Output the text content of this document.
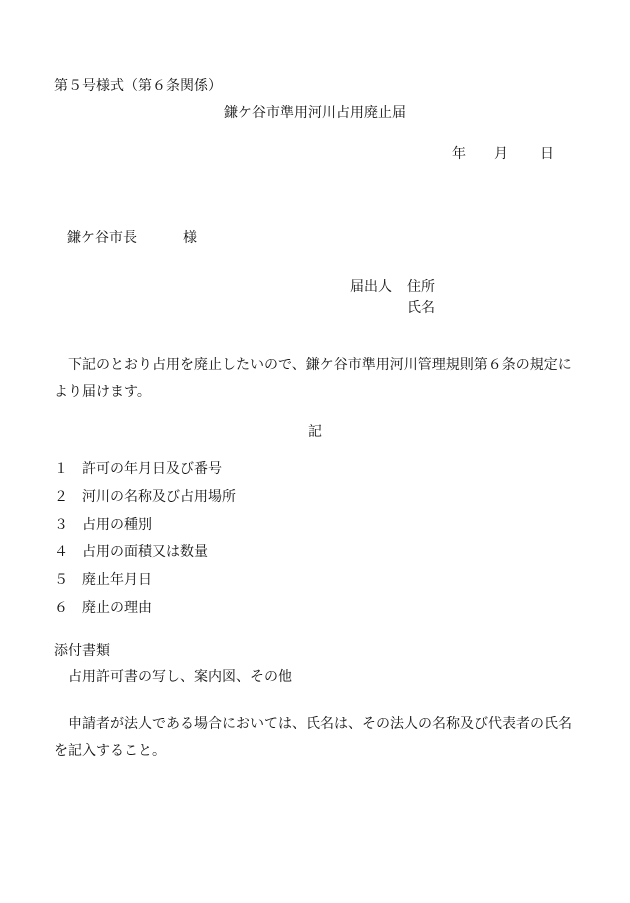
第５号様式（第６条関係）
鎌ケ谷市準用河川占用廃止届
年 月 日
鎌ケ谷市長	様
届出人 住所
氏名
下記のとおり占用を廃止したいので、鎌ケ谷市準用河川管理規則第６条の規定に
より届けます。
記
１ 許可の年月日及び番号
２ 河川の名称及び占用場所
３ 占用の種別
４ 占用の面積又は数量
５ 廃止年月日
６ 廃止の理由
添付書類
占用許可書の写し、案内図、その他
申請者が法人である場合においては、氏名は、その法人の名称及び代表者の氏名
を記入すること。
